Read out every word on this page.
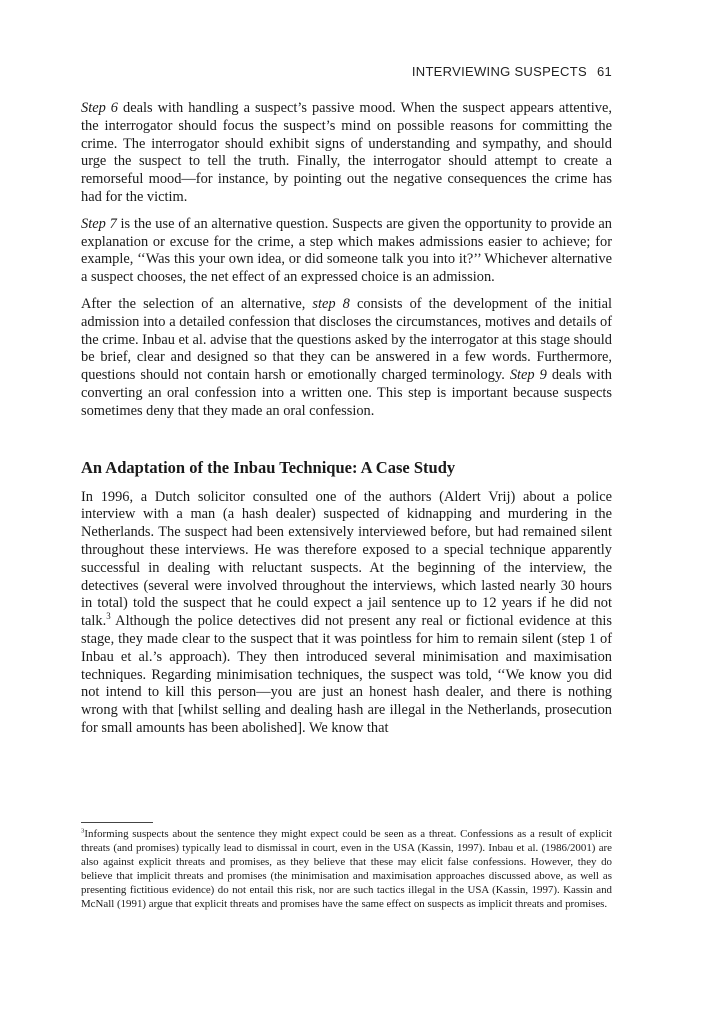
INTERVIEWING SUSPECTS 61

Step 6 deals with handling a suspect’s passive mood. When the suspect appears attentive, the interrogator should focus the suspect’s mind on possible reasons for committing the crime. The interrogator should exhibit signs of understanding and sympathy, and should urge the suspect to tell the truth. Finally, the interrogator should attempt to create a remorseful mood—for instance, by pointing out the negative consequences the crime has had for the victim.

Step 7 is the use of an alternative question. Suspects are given the opportunity to provide an explanation or excuse for the crime, a step which makes admissions easier to achieve; for example, ‘‘Was this your own idea, or did someone talk you into it?’’ Whichever alternative a suspect chooses, the net effect of an expressed choice is an admission.

After the selection of an alternative, step 8 consists of the development of the initial admission into a detailed confession that discloses the circumstances, motives and details of the crime. Inbau et al. advise that the questions asked by the interrogator at this stage should be brief, clear and designed so that they can be answered in a few words. Furthermore, questions should not contain harsh or emotionally charged terminology. Step 9 deals with converting an oral confession into a written one. This step is important because suspects sometimes deny that they made an oral confession.

An Adaptation of the Inbau Technique: A Case Study

In 1996, a Dutch solicitor consulted one of the authors (Aldert Vrij) about a police interview with a man (a hash dealer) suspected of kidnapping and murdering in the Netherlands. The suspect had been extensively interviewed before, but had remained silent throughout these interviews. He was therefore exposed to a special technique apparently successful in dealing with reluctant suspects. At the beginning of the interview, the detectives (several were involved throughout the interviews, which lasted nearly 30 hours in total) told the suspect that he could expect a jail sentence up to 12 years if he did not talk.$^3$ Although the police detectives did not present any real or fictional evidence at this stage, they made clear to the suspect that it was pointless for him to remain silent (step 1 of Inbau et al.’s approach). They then introduced several minimisation and maximisation techniques. Regarding minimisation techniques, the suspect was told, ‘‘We know you did not intend to kill this person—you are just an honest hash dealer, and there is nothing wrong with that [whilst selling and dealing hash are illegal in the Netherlands, prosecution for small amounts has been abolished]. We know that

$^3$Informing suspects about the sentence they might expect could be seen as a threat. Confessions as a result of explicit threats (and promises) typically lead to dismissal in court, even in the USA (Kassin, 1997). Inbau et al. (1986/2001) are also against explicit threats and promises, as they believe that these may elicit false confessions. However, they do believe that implicit threats and promises (the minimisation and maximisation approaches discussed above, as well as presenting fictitious evidence) do not entail this risk, nor are such tactics illegal in the USA (Kassin, 1997). Kassin and McNall (1991) argue that explicit threats and promises have the same effect on suspects as implicit threats and promises.
